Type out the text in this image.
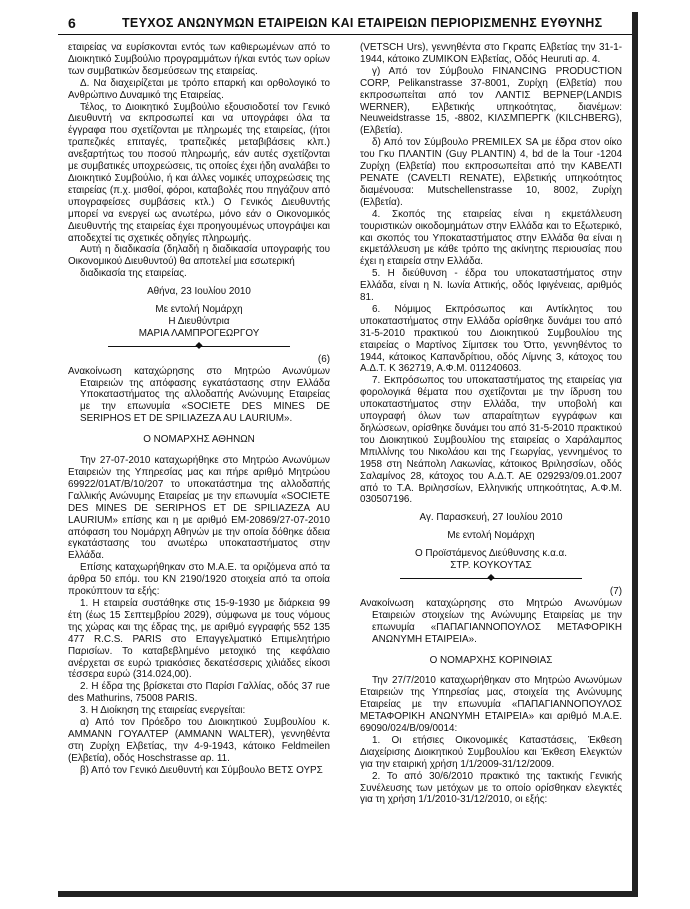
6	ΤΕΥΧΟΣ ΑΝΩΝΥΜΩΝ ΕΤΑΙΡΕΙΩΝ ΚΑΙ ΕΤΑΙΡΕΙΩΝ ΠΕΡΙΟΡΙΣΜΕΝΗΣ ΕΥΘΥΝΗΣ

εταιρείας να ευρίσκονται εντός των καθιερωμένων από το Διοικητικό Συμβούλιο προγραμμάτων ή/και εντός των ορίων των συμβατικών δεσμεύσεων της εταιρείας.

Δ. Να διαχειρίζεται με τρόπο επαρκή και ορθολογικό το Ανθρώπινο Δυναμικό της Εταιρείας.

Τέλος, το Διοικητικό Συμβούλιο εξουσιοδοτεί τον Γενικό Διευθυντή να εκπροσωπεί και να υπογράφει όλα τα έγγραφα που σχετίζονται με πληρωμές της εταιρείας, (ήτοι τραπεζικές επιταγές, τραπεζικές μεταβιβάσεις κλπ.) ανεξαρτήτως του ποσού πληρωμής, εάν αυτές σχετίζονται με συμβατικές υποχρεώσεις, τις οποίες έχει ήδη αναλάβει το Διοικητικό Συμβούλιο, ή και άλλες νομικές υποχρεώσεις της εταιρείας (π.χ. μισθοί, φόροι, καταβολές που πηγάζουν από υπογραφείσες συμβάσεις κτλ.) Ο Γενικός Διευθυντής μπορεί να ενεργεί ως ανωτέρω, μόνο εάν ο Οικονομικός Διευθυντής της εταιρείας έχει προηγουμένως υπογράψει και αποδεχτεί τις σχετικές οδηγίες πληρωμής.

Αυτή η διαδικασία (δηλαδή η διαδικασία υπογραφής του Οικονομικού Διευθυντού) θα αποτελεί μια εσωτερική

διαδικασία της εταιρείας.

Αθήνα, 23 Ιουλίου 2010

Με εντολή Νομάρχη

Η Διευθύντρια

ΜΑΡΙΑ ΛΑΜΠΡΟΓΕΩΡΓΟΥ

(6)

Ανακοίνωση καταχώρησης στο Μητρώο Ανωνύμων Εταιρειών της απόφασης εγκατάστασης στην Ελλάδα Υποκαταστήματος της αλλοδαπής Ανώνυμης Εταιρείας με την επωνυμία «SOCIETE DES MINES DE SERIPHOS ET DE SPILIAZEZA AU LAURIUM».

Ο ΝΟΜΑΡΧΗΣ ΑΘΗΝΩΝ

Την 27-07-2010 καταχωρήθηκε στο Μητρώο Ανωνύμων Εταιρειών της Υπηρεσίας μας και πήρε αριθμό Μητρώου 69922/01ΑΤ/Β/10/207 το υποκατάστημα της αλλοδαπής Γαλλικής Ανώνυμης Εταιρείας με την επωνυμία «SOCIETE DES MINES DE SERIPHOS ET DE SPILIAZEZA AU LAURIUM» επίσης και η με αριθμό ΕΜ-20869/27-07-2010 απόφαση του Νομάρχη Αθηνών με την οποία δόθηκε άδεια εγκατάστασης του ανωτέρω υποκαταστήματος στην Ελλάδα.

Επίσης καταχωρήθηκαν στο Μ.Α.Ε. τα οριζόμενα από τα άρθρα 50 επόμ. του ΚΝ 2190/1920 στοιχεία από τα οποία προκύπτουν τα εξής:

1. Η εταιρεία συστάθηκε στις 15-9-1930 με διάρκεια 99 έτη (έως 15 Σεπτεμβρίου 2029), σύμφωνα με τους νόμους της χώρας και της έδρας της, με αριθμό εγγραφής 552 135 477 R.C.S. PARIS στο Επαγγελματικό Επιμελητήριο Παρισίων. Το καταβεβλημένο μετοχικό της κεφάλαιο ανέρχεται σε ευρώ τριακόσιες δεκατέσσερις χιλιάδες είκοσι τέσσερα ευρώ (314.024,00).

2. Η έδρα της βρίσκεται στο Παρίσι Γαλλίας, οδός 37 rue des Mathurins, 75008 PARIS.

3. Η Διοίκηση της εταιρείας ενεργείται:

α) Από τον Πρόεδρο του Διοικητικού Συμβουλίου κ. AMMANN ΓΟΥΑΛΤΕΡ (AMMANN WALTER), γεννηθέντα στη Ζυρίχη Ελβετίας, την 4-9-1943, κάτοικο Feldmeilen (Ελβετία), οδός Hoschstrasse αρ. 11.

β) Από τον Γενικό Διευθυντή και Σύμβουλο ΒΕΤΣ ΟΥΡΣ

(VETSCH Urs), γεννηθέντα στο Γκραπς Ελβετίας την 31-1-1944, κάτοικο ZUMIKON Ελβετίας, Οδός Heuruti αρ. 4.

γ) Από τον Σύμβουλο FINANCING PRODUCTION CORP, Pelikanstrasse 37-8001, Ζυρίχη (Ελβετία) που εκπροσωπείται από τον ΛΑΝΤΙΣ ΒΕΡΝΕΡ(LANDIS WERNER), Ελβετικής υπηκοότητας, διανέμων: Neuweidstrasse 15, -8802, ΚΙΛΣΜΠΕΡΓΚ (KILCHBERG), (Ελβετία).

δ) Από τον Σύμβουλο PREMILEX SA με έδρα στον οίκο του Γκυ ΠΛΑΝΤΙΝ (Guy PLANTIN) 4, bd de la Tour -1204 Ζυρίχη (Ελβετία) που εκπροσωπείται από την ΚΑΒΕΛΤΙ ΡΕΝΑΤΕ (CAVELTI RENATE), Ελβετικής υπηκοότητος διαμένουσα: Mutschellenstrasse 10, 8002, Ζυρίχη (Ελβετία).

4. Σκοπός της εταιρείας είναι η εκμετάλλευση τουριστικών οικοδομημάτων στην Ελλάδα και το Εξωτερικό, και σκοπός του Υποκαταστήματος στην Ελλάδα θα είναι η εκμετάλλευση με κάθε τρόπο της ακίνητης περιουσίας που έχει η εταιρεία στην Ελλάδα.

5. Η διεύθυνση - έδρα του υποκαταστήματος στην Ελλάδα, είναι η Ν. Ιωνία Αττικής, οδός Ιφιγένειας, αριθμός 81.

6. Νόμιμος Εκπρόσωπος και Αντίκλητος του υποκαταστήματος στην Ελλάδα ορίσθηκε δυνάμει του από 31-5-2010 πρακτικού του Διοικητικού Συμβουλίου της εταιρείας ο Μαρτίνος Σίμιτσεκ του Όττο, γεννηθέντος το 1944, κάτοικος Καπανδρίτιου, οδός Λίμνης 3, κάτοχος του Α.Δ.Τ. Κ 362719, Α.Φ.Μ. 011240603.

7. Εκπρόσωπος του υποκαταστήματος της εταιρείας για φορολογικά θέματα που σχετίζονται με την ίδρυση του υποκαταστήματος στην Ελλάδα, την υποβολή και υπογραφή όλων των απαραίτητων εγγράφων και δηλώσεων, ορίσθηκε δυνάμει του από 31-5-2010 πρακτικού του Διοικητικού Συμβουλίου της εταιρείας ο Χαράλαμπος Μπιλλίνης του Νικολάου και της Γεωργίας, γεννημένος το 1958 στη Νεάπολη Λακωνίας, κάτοικος Βριλησσίων, οδός Σαλαμίνος 28, κάτοχος του Α.Δ.Τ. ΑΕ 029293/09.01.2007 από το Τ.Α. Βριλησσίων, Ελληνικής υπηκοότητας, Α.Φ.Μ. 030507196.

Αγ. Παρασκευή, 27 Ιουλίου 2010

Με εντολή Νομάρχη

Ο Προϊστάμενος Διεύθυνσης κ.α.α.

ΣΤΡ. ΚΟΥΚΟΥΤΑΣ

(7)

Ανακοίνωση καταχώρησης στο Μητρώο Ανωνύμων Εταιρειών στοιχείων της Ανώνυμης Εταιρείας με την επωνυμία «ΠΑΠΑΓΙΑΝΝΟΠΟΥΛΟΣ ΜΕΤΑΦΟΡΙΚΗ ΑΝΩΝΥΜΗ ΕΤΑΙΡΕΙΑ».

Ο ΝΟΜΑΡΧΗΣ ΚΟΡΙΝΘΙΑΣ

Την 27/7/2010 καταχωρήθηκαν στο Μητρώο Ανωνύμων Εταιρειών της Υπηρεσίας μας, στοιχεία της Ανώνυμης Εταιρείας με την επωνυμία «ΠΑΠΑΓΙΑΝΝΟΠΟΥΛΟΣ ΜΕΤΑΦΟΡΙΚΗ ΑΝΩΝΥΜΗ ΕΤΑΙΡΕΙΑ» και αριθμό Μ.Α.Ε. 69090/024/Β/09/0014:

1. Οι ετήσιες Οικονομικές Καταστάσεις, Έκθεση Διαχείρισης Διοικητικού Συμβουλίου και Έκθεση Ελεγκτών για την εταιρική χρήση 1/1/2009-31/12/2009.

2. Το από 30/6/2010 πρακτικό της τακτικής Γενικής Συνέλευσης των μετόχων με το οποίο ορίσθηκαν ελεγκτές για τη χρήση 1/1/2010-31/12/2010, οι εξής:
